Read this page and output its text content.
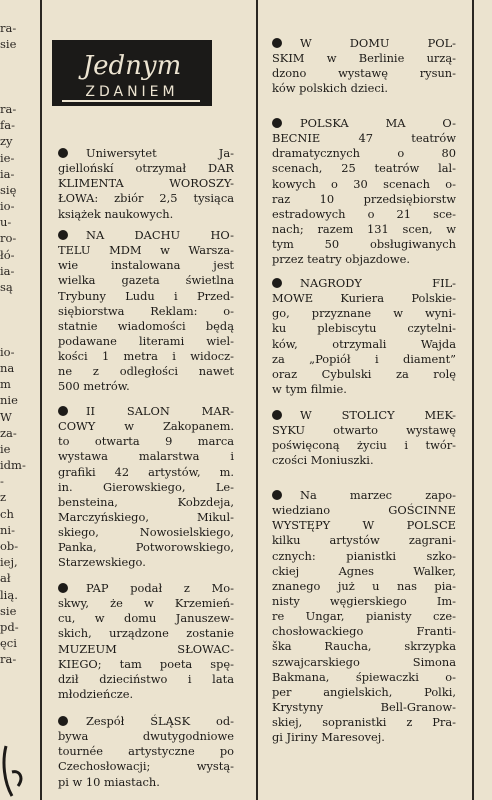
ra-
sie
ra-
fa-
zy
ie-
ia-
się
io-
u-
ro-
łó-
ia-
są
io-
na
m
nie
W
za-
ie
idm-
-
z
ch
ni-
ob-
iej,
ał
lią.
sie
pd-
ęci
ra-
Jednym
ZDANIEM
Uniwersytet Ja-
giellońskí otrzymał DAR
KLIMENTA WOROSZY-
ŁOWA: zbiór 2,5 tysiąca
książek naukowych.
NA DACHU HO-
TELU MDM w Warsza-
wie instalowana jest
wielka gazeta świetlna
Trybuny Ludu i Przed-
siębiorstwa Reklam: o-
statnie wiadomości będą
podawane literami wiel-
kości 1 metra i widocz-
ne z odległości nawet
500 metrów.
II SALON MAR-
COWY w Zakopanem.
to otwarta 9 marca
wystawa malarstwa i
grafiki 42 artystów, m.
in. Gierowskiego, Le-
bensteina, Kobzdeja,
Marczyńskiego, Mikul-
skiego, Nowosielskiego,
Panka, Potworowskiego,
Starzewskiego.
PAP podał z Mo-
skwy, że w Krzemień-
cu, w domu Januszew-
skich, urządzone zostanie
MUZEUM SŁOWAC-
KIEGO; tam poeta spę-
dził dzieciństwo i lata
młodzieńcze.
Zespół ŚLĄSK od-
bywa dwutygodniowe
tournée artystyczne po
Czechosłowacji; wystą-
pi w 10 miastach.
W DOMU POL-
SKIM w Berlinie urzą-
dzono wystawę rysun-
ków polskich dzieci.
POLSKA MA O-
BECNIE 47 teatrów
dramatycznych o 80
scenach, 25 teatrów lal-
kowych o 30 scenach o-
raz 10 przedsiębiorstw
estradowych o 21 sce-
nach; razem 131 scen, w
tym 50 obsługiwanych
przez teatry objazdowe.
NAGRODY FIL-
MOWE Kuriera Polskie-
go, przyznane w wyni-
ku plebiscytu czytelni-
ków, otrzymali Wajda
za „Popiół i diament”
oraz Cybulski za rolę
w tym filmie.
W STOLICY MEK-
SYKU otwarto wystawę
poświęconą życiu i twór-
czości Moniuszki.
Na marzec zapo-
wiedziano GOŚCINNE
WYSTĘPY W POLSCE
kilku artystów zagrani-
cznych: pianistki szko-
ckiej Agnes Walker,
znanego już u nas pia-
nisty węgierskiego Im-
re Ungar, pianisty cze-
chosłowackiego Franti-
ška Raucha, skrzypka
szwajcarskiego Simona
Bakmana, śpiewaczki o-
per angielskich, Polki,
Krystyny Bell-Granow-
skiej, sopranistki z Pra-
gi Jiriny Maresovej.
